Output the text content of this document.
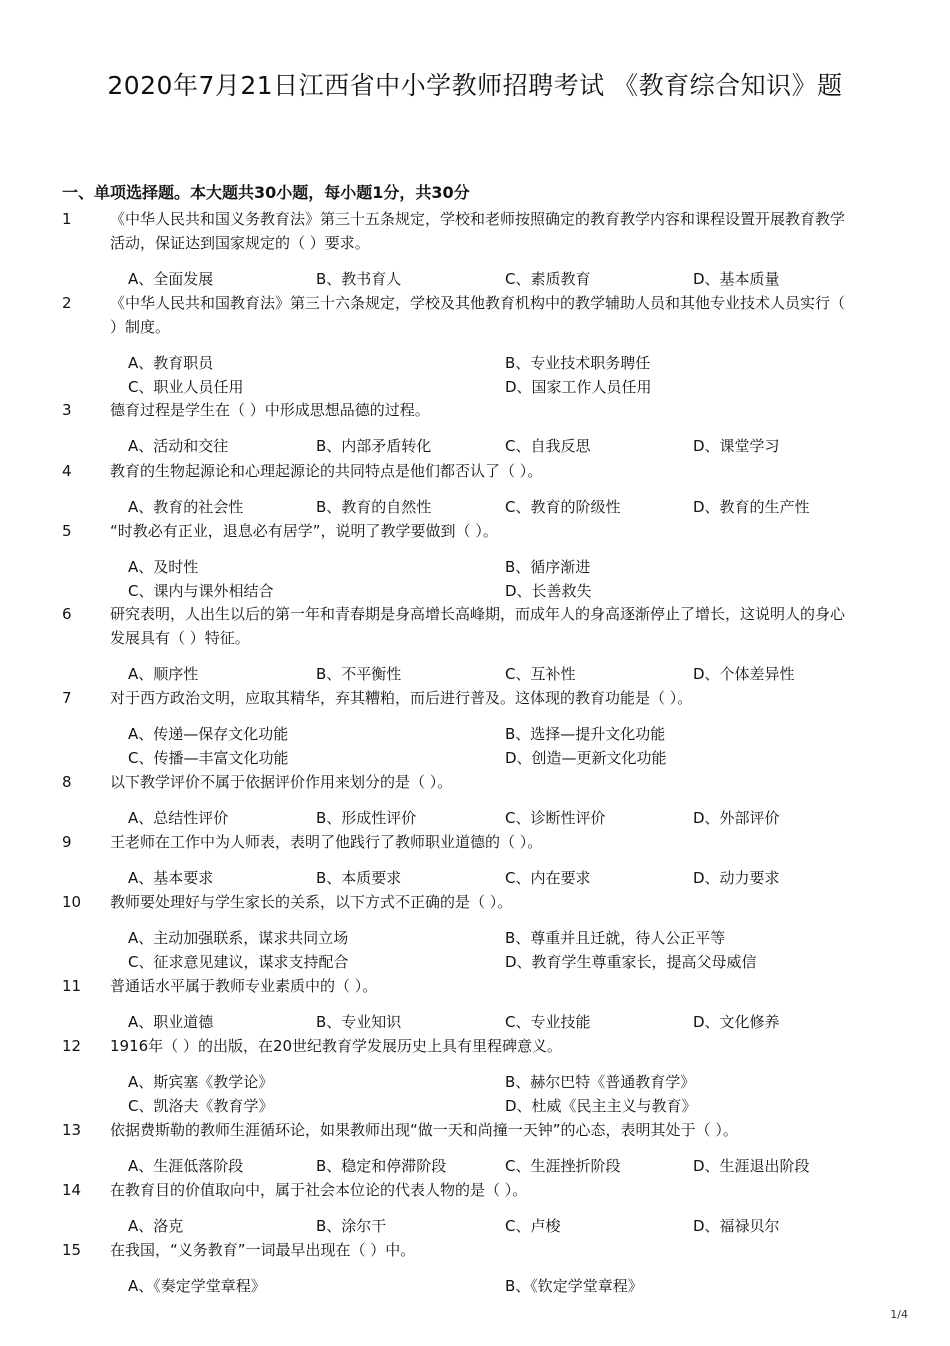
2020年7月21日江西省中小学教师招聘考试 《教育综合知识》题
一、单项选择题。本大题共30小题，每小题1分，共30分
1	《中华人民共和国义务教育法》第三十五条规定，学校和老师按照确定的教育教学内容和课程设置开展教育教学活动，保证达到国家规定的（ ）要求。
A、全面发展	B、教书育人	C、素质教育	D、基本质量
2	《中华人民共和国教育法》第三十六条规定，学校及其他教育机构中的教学辅助人员和其他专业技术人员实行（ ）制度。
A、教育职员	B、专业技术职务聘任
C、职业人员任用	D、国家工作人员任用
3	德育过程是学生在（ ）中形成思想品德的过程。
A、活动和交往	B、内部矛盾转化	C、自我反思	D、课堂学习
4	教育的生物起源论和心理起源论的共同特点是他们都否认了（ ）。
A、教育的社会性	B、教育的自然性	C、教育的阶级性	D、教育的生产性
5	“时教必有正业，退息必有居学”，说明了教学要做到（ ）。
A、及时性	B、循序渐进
C、课内与课外相结合	D、长善救失
6	研究表明，人出生以后的第一年和青春期是身高增长高峰期，而成年人的身高逐渐停止了增长，这说明人的身心发展具有（ ）特征。
A、顺序性	B、不平衡性	C、互补性	D、个体差异性
7	对于西方政治文明，应取其精华，弃其糟粕，而后进行普及。这体现的教育功能是（ ）。
A、传递—保存文化功能	B、选择—提升文化功能
C、传播—丰富文化功能	D、创造—更新文化功能
8	以下教学评价不属于依据评价作用来划分的是（ ）。
A、总结性评价	B、形成性评价	C、诊断性评价	D、外部评价
9	王老师在工作中为人师表，表明了他践行了教师职业道德的（ ）。
A、基本要求	B、本质要求	C、内在要求	D、动力要求
10 教师要处理好与学生家长的关系，以下方式不正确的是（ ）。
A、主动加强联系，谋求共同立场	B、尊重并且迁就，待人公正平等
C、征求意见建议，谋求支持配合	D、教育学生尊重家长，提高父母威信
11 普通话水平属于教师专业素质中的（ ）。
A、职业道德	B、专业知识	C、专业技能	D、文化修养
12 1916年（ ）的出版，在20世纪教育学发展历史上具有里程碑意义。
A、斯宾塞《教学论》	B、赫尔巴特《普通教育学》
C、凯洛夫《教育学》	D、杜威《民主主义与教育》
13 依据费斯勒的教师生涯循环论，如果教师出现“做一天和尚撞一天钟”的心态，表明其处于（ ）。
A、生涯低落阶段	B、稳定和停滞阶段	C、生涯挫折阶段	D、生涯退出阶段
14 在教育目的价值取向中，属于社会本位论的代表人物的是（ ）。
A、洛克	B、涂尔干	C、卢梭	D、福禄贝尔
15 在我国，“义务教育”一词最早出现在（ ）中。
A、《奏定学堂章程》	B、《钦定学堂章程》
1/4
